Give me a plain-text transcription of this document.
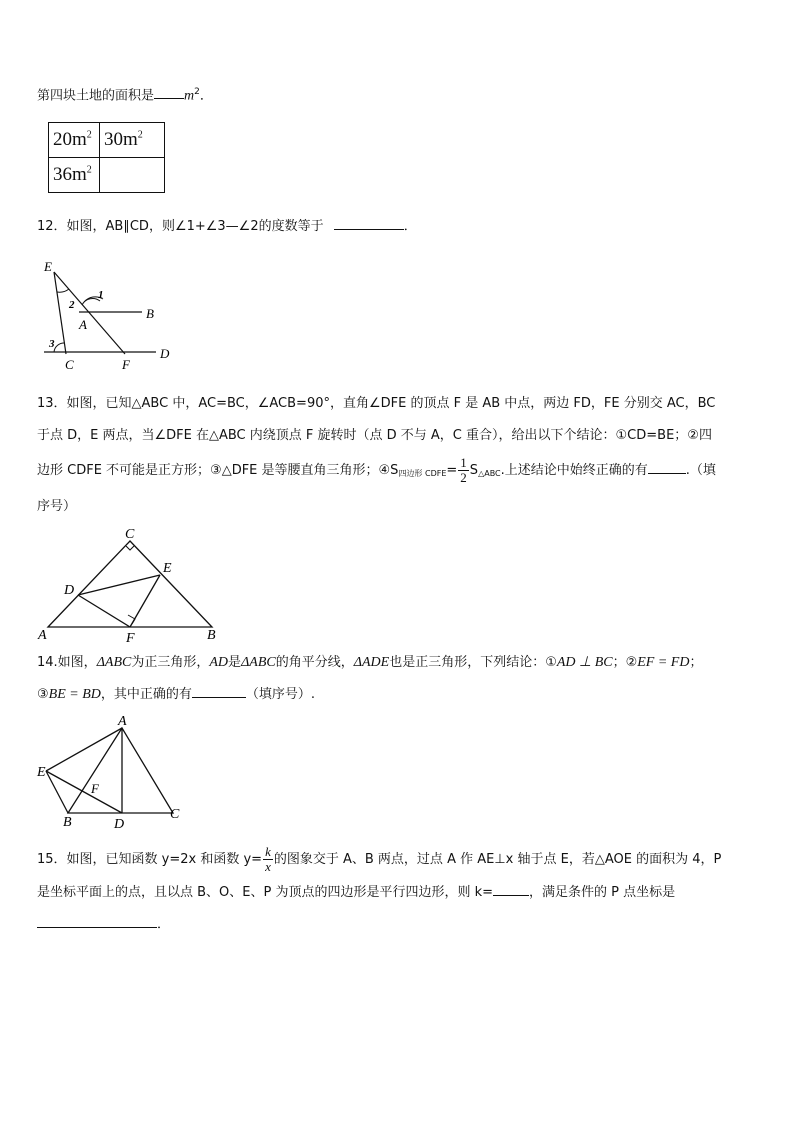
第四块土地的面积是 $m^2$．
$20m^2$	$30m^2$
$36m^2$	
12．如图，AB∥CD，则∠1+∠3—∠2的度数等于	．
E
2
1
B
A
3
C	F
D
13．如图，已知△ABC 中，AC=BC，∠ACB=90°，直角∠DFE 的顶点 F 是 AB 中点，两边 FD，FE 分别交 AC，BC
于点 D，E 两点，当∠DFE 在△ABC 内绕顶点 F 旋转时（点 D 不与 A，C 重合），给出以下个结论：①CD=BE；②四
边形 CDFE 不可能是正方形；③△DFE 是等腰直角三角形；$④S_{四边形 CDFE}= \frac{1}{2} S_{\triangle ABC}$.上述结论中始终正确的有	.（填
序号）
C
E
D
A	F	B
14.如图，ΔABC为正三角形，AD是ΔABC的角平分线，ΔADE也是正三角形，下列结论：①AD ⊥ BC；②EF = FD；
③BE = BD，其中正确的有	（填序号）.
A
E
F
B	D
C
15．如图，已知函数 y=2x 和函数 $y= \frac{k}{x}$ 的图象交于 A、B 两点，过点 A 作 AE⊥x 轴于点 E，若△AOE 的面积为 4，P
是坐标平面上的点，且以点 B、O、E、P 为顶点的四边形是平行四边形，则 k=	，满足条件的 P 点坐标是
．
